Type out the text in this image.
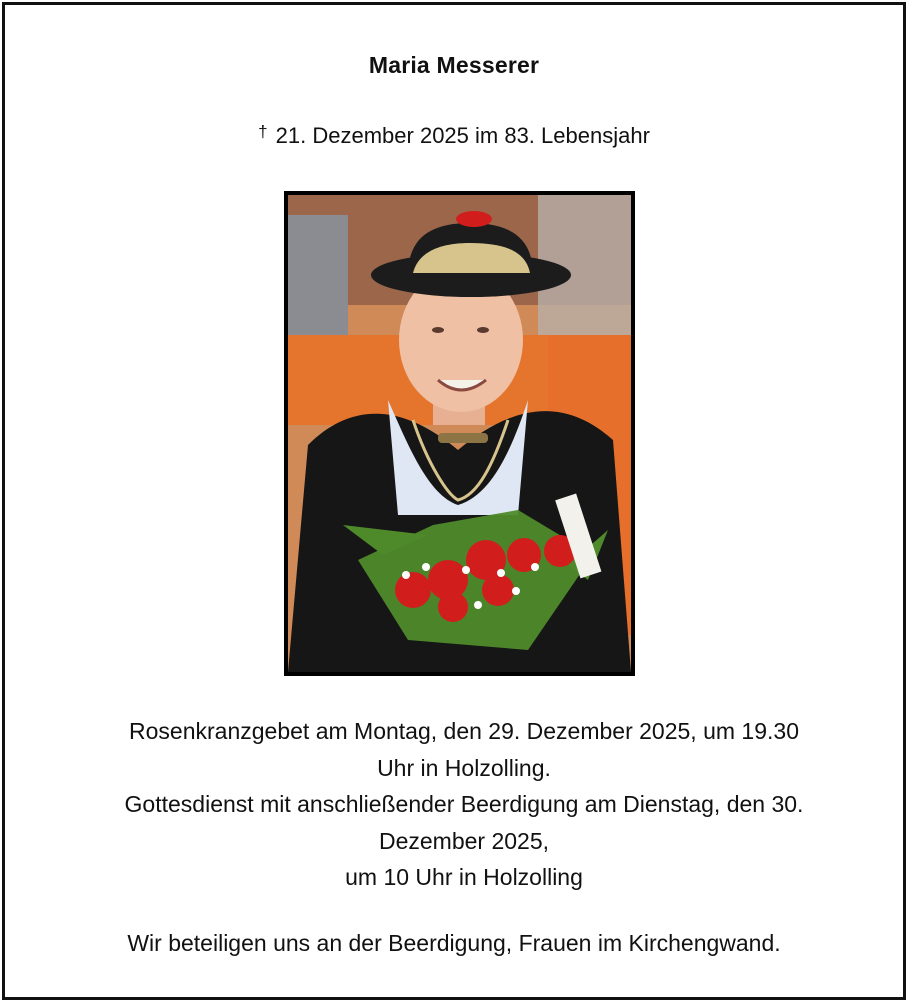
Maria Messerer
† 21. Dezember 2025 im 83. Lebensjahr
Rosenkranzgebet am Montag, den 29. Dezember 2025, um 19.30
Uhr in Holzolling.
Gottesdienst mit anschließender Beerdigung am Dienstag, den 30.
Dezember 2025,
um 10 Uhr in Holzolling
Wir beteiligen uns an der Beerdigung, Frauen im Kirchengwand.
